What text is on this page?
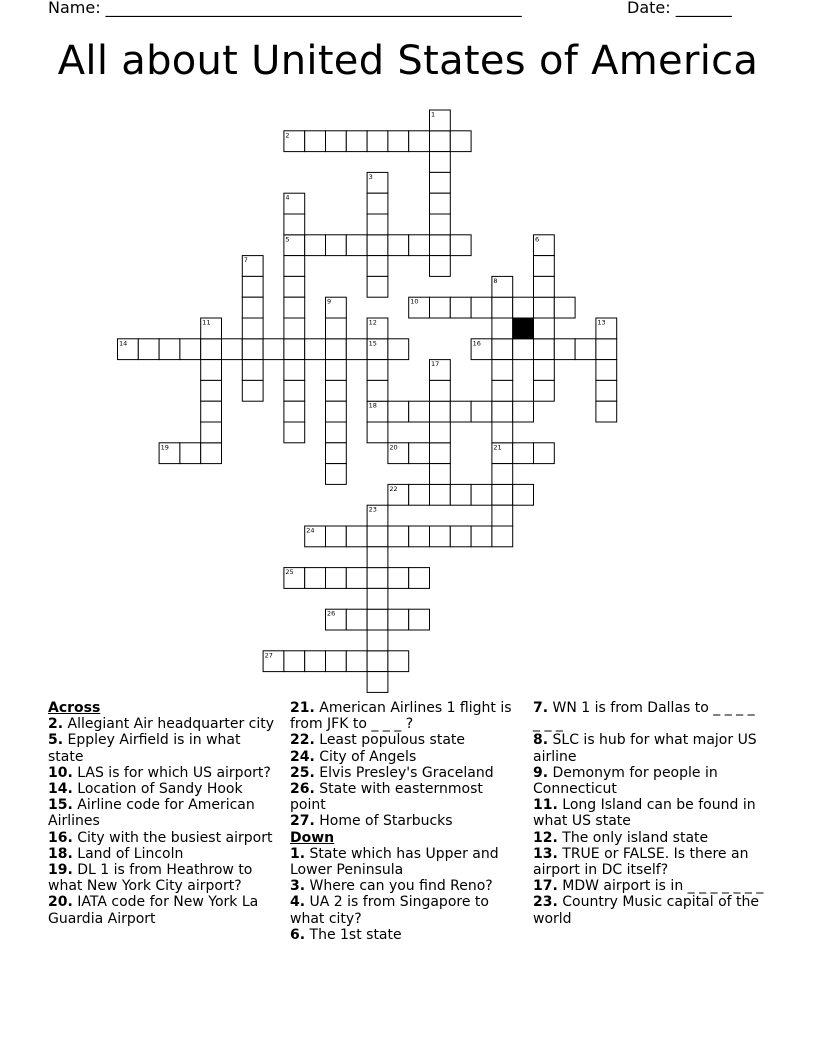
Name: ____________________________________________________	Date: _______
All about United States of America
2
5
10
14	15	16
18
19	20	21
22
24
25
26
27
1
3
4
6
7
8
9
11	12	13
17
23

Across

2. Allegiant Air headquarter city

5. Eppley Airfield is in what state

10. LAS is for which US airport?

14. Location of Sandy Hook

15. Airline code for American Airlines

16. City with the busiest airport

18. Land of Lincoln

19. DL 1 is from Heathrow to what New York City airport?

20. IATA code for New York La Guardia Airport

21. American Airlines 1 flight is from JFK to _ _ _ ?

22. Least populous state

24. City of Angels

25. Elvis Presley's Graceland

26. State with easternmost point

27. Home of Starbucks

Down

1. State which has Upper and Lower Peninsula

3. Where can you find Reno?

4. UA 2 is from Singapore to what city?

6. The 1st state

7. WN 1 is from Dallas to _ _ _ _ _ _ _

8. SLC is hub for what major US airline

9. Demonym for people in Connecticut

11. Long Island can be found in what US state

12. The only island state

13. TRUE or FALSE. Is there an airport in DC itself?

17. MDW airport is in _ _ _ _ _ _ _

23. Country Music capital of the world
